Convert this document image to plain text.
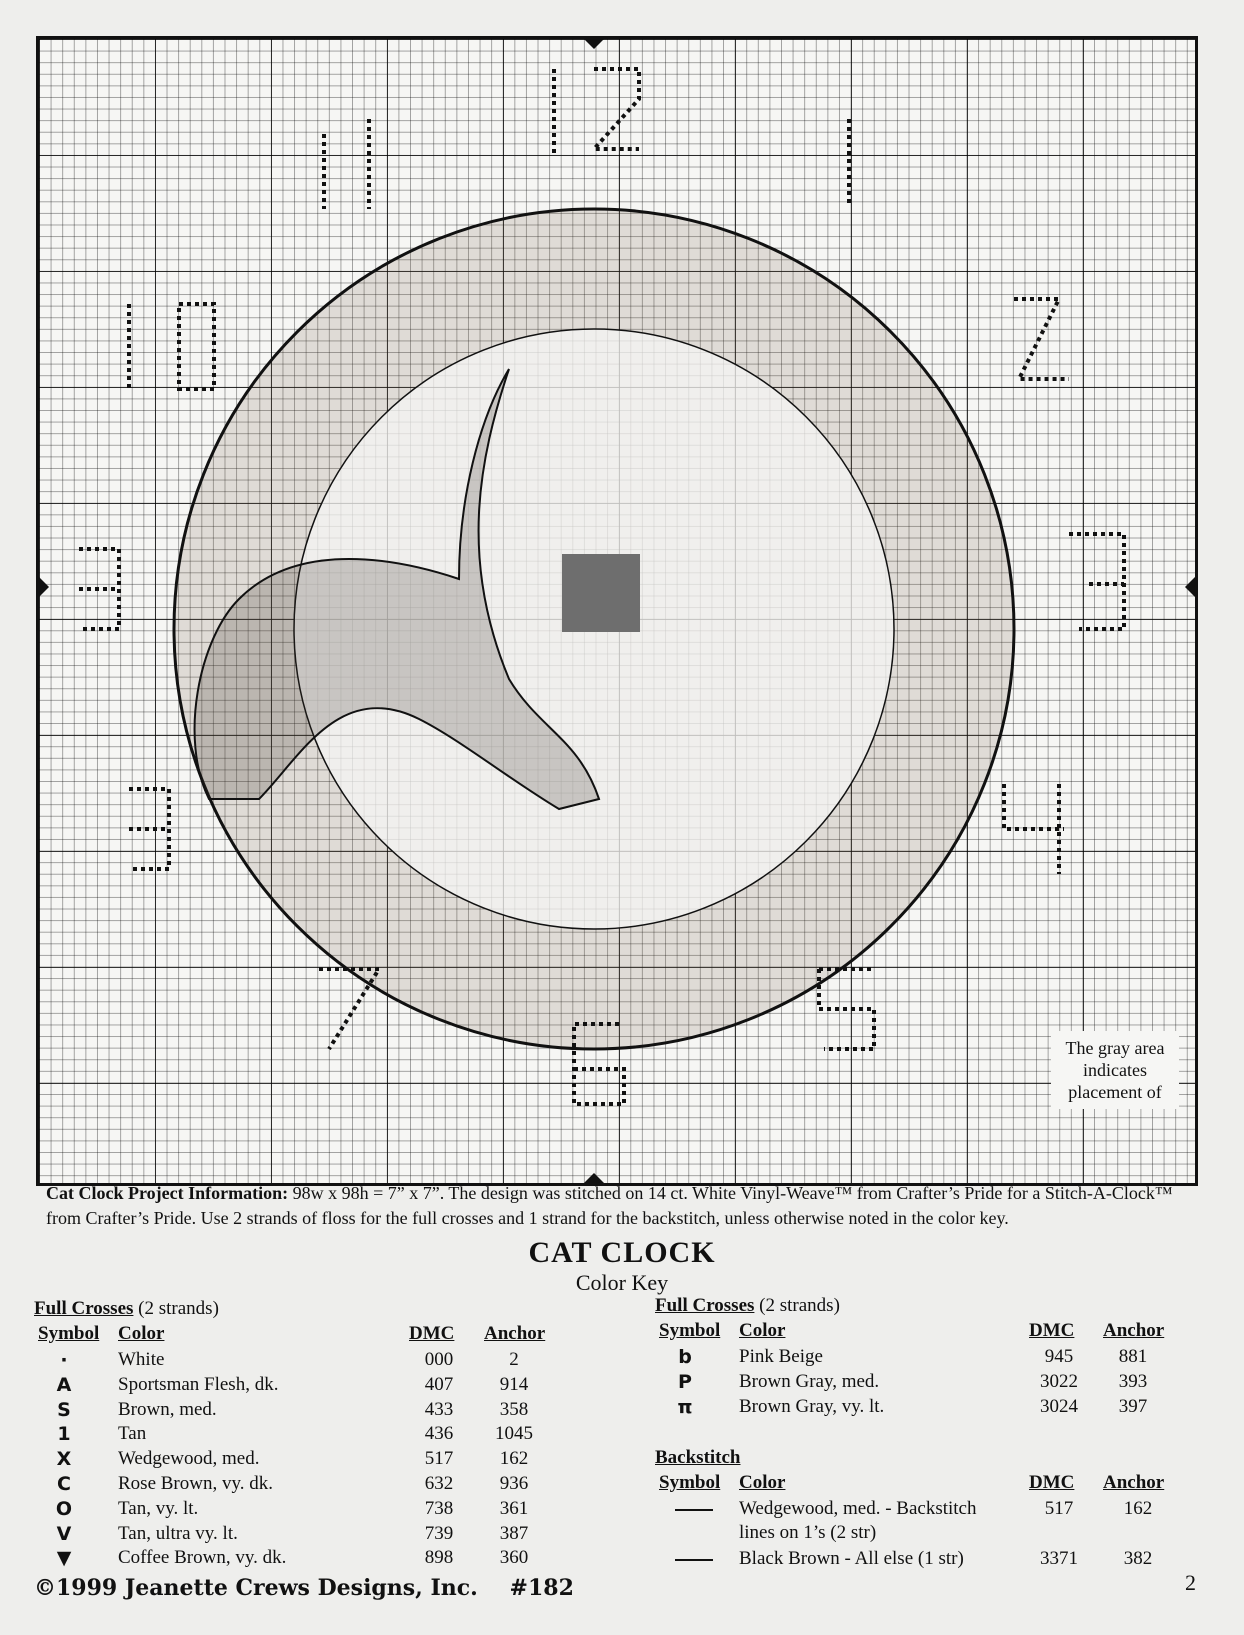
The gray area indicates placement of
Cat Clock Project Information: 98w x 98h = 7” x 7”. The design was stitched on 14 ct. White Vinyl-Weave™ from Crafter’s Pride for a Stitch-A-Clock™ from Crafter’s Pride. Use 2 strands of floss for the full crosses and 1 strand for the backstitch, unless otherwise noted in the color key.
CAT CLOCK
Color Key
Full Crosses (2 strands)
Symbol Color	DMC Anchor
·	White	000	2
A	Sportsman Flesh, dk.	407	914
S	Brown, med.	433	358
1	Tan	436	1045
X	Wedgewood, med.	517	162
C	Rose Brown, vy. dk.	632	936
O	Tan, vy. lt.	738	361
V	Tan, ultra vy. lt.	739	387
▼	Coffee Brown, vy. dk.	898	360
Full Crosses (2 strands)
Symbol Color	DMC Anchor
b	Pink Beige	945	881
P	Brown Gray, med.	3022	393
π	Brown Gray, vy. lt.	3024	397
Backstitch
Symbol Color	DMC Anchor
Wedgewood, med. - Backstitch	517	162
lines on 1’s (2 str)
Black Brown - All else (1 str)	3371	382
©1999 Jeanette Crews Designs, Inc. #182	2
